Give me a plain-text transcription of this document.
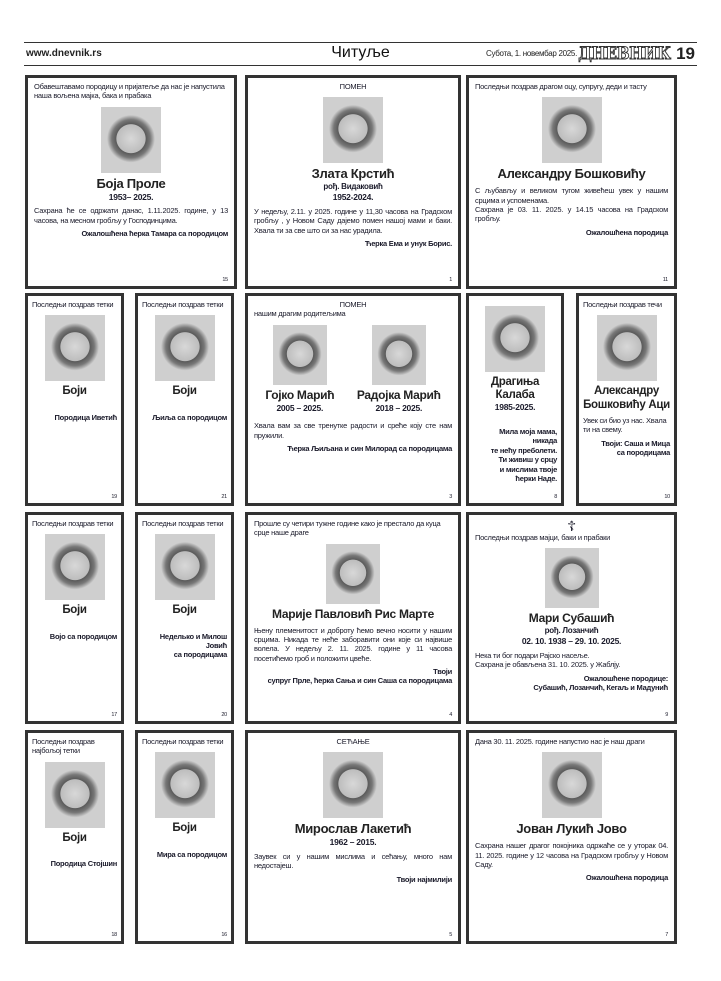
www.dnevnik.rs	Читуље	Субота, 1. новембар 2025. ДНЕВНИК 19
Обавештавамо породицу и пријатеље да нас је напустила наша вољена мајка, бака и прабака
Боја Проле
1953– 2025.
Сахрана ће се одржати данас, 1.11.2025. године, у 13 часова, на месном гробљу у Господинцима.
Ожалошћена ћерка Тамара са породицом
15
ПОМЕН
Злата Крстић
рођ. Видаковић
1952-2024.
У недељу, 2.11. у 2025. године у 11,30 часова на Градском гробљу , у Новом Саду дајемо помен нашој мами и баки. Хвала ти за све што си за нас урадила.
Ћерка Ема и унук Борис.
1
Последњи поздрав драгом оцу, супругу, деди и тасту
Александру Бошковићу
С љубављу и великом тугом живећеш увек у нашим срцима и успоменама.
Сахрана је 03. 11. 2025. у 14.15 часова на Градском гробљу.
Ожалошћена породица
11
Последњи поздрав тетки
Боји
Породица Иветић
19
Последњи поздрав тетки
Боји
Љиља са породицом
21
ПОМЕН
нашим драгим родитељима
Гојко Марић
2005 – 2025.
Радојка Марић
2018 – 2025.
Хвала вам за све тренутке радости и среће коју сте нам пружили.
Ћерка Љиљана и син Милорад са породицама
3
Драгиња Калаба
1985-2025.
Мила моја мама,
никада
те нећу преболети.
Ти живиш у срцу
и мислима твоје
ћерки Наде.
8
Последњи поздрав течи
Александру Бошковићу Аци
Увек си био уз нас. Хвала ти на свему.
Твоји: Саша и Мица
са породицама
10
Последњи поздрав тетки
Боји
Војо са породицом
17
Последњи поздрав тетки
Боји
Неделько и Милош Јовић
са породицама
20
Прошле су четири тужне године како је престало да куца срце наше драге
Марије Павловић Рис Марте
Њену племенитост и доброту ћемо вечно носити у нашим срцима. Никада те неће заборавити они које си највише волела. У недељу 2. 11. 2025. године у 11 часова посетићемо гроб и положити цвеће.
Твоји
супруг Прле, ћерка Сања и син Саша са породицама
4
☦
Последњи поздрав мајци, баки и прабаки
Мари Субашић
рођ. Лозанчић
02. 10. 1938 – 29. 10. 2025.
Нека ти бог подари Рајско насеље.
Сахрана је обављена 31. 10. 2025. у Жаблју.
Ожалошћене породице:
Субашић, Лозанчић, Кегаљ и Мадунић
9
Последњи поздрав најбољој тетки
Боји
Породица Стојшин
18
Последњи поздрав тетки
Боји
Мира са породицом
16
СЕЋАЊЕ
Мирослав Лакетић
1962 – 2015.
Заувек си у нашим мислима и сећању, много нам недостајеш.
Твоји најмилији
5
Дана 30. 11. 2025. године напустио нас је наш драги
Јован Лукић Јово
Сахрана нашег драгог покојника одржаће се у уторак 04. 11. 2025. године у 12 часова на Градском гробљу у Новом Саду.
Ожалошћена породица
7
